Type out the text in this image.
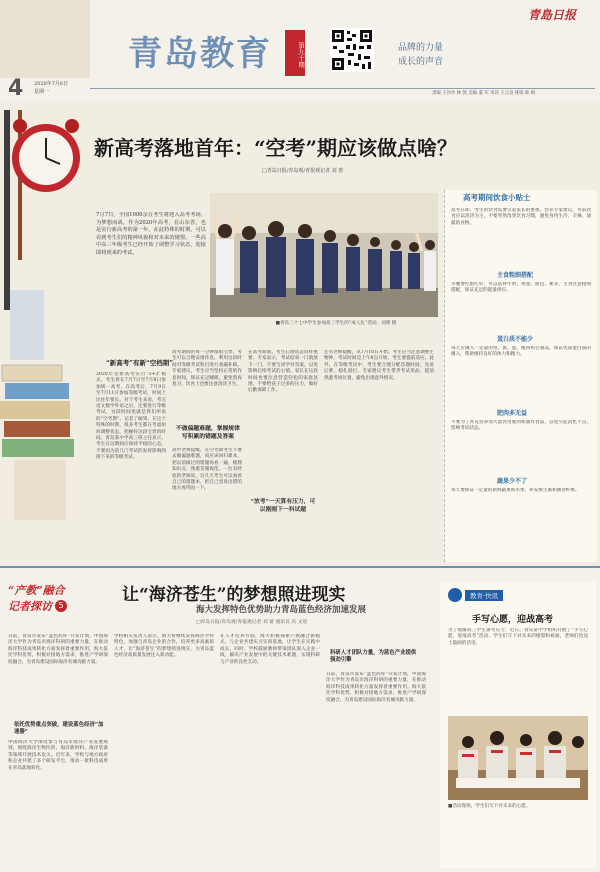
4 2020年7月6日
星期一
青岛教育	第九十期	品牌的力量
成长的声音
青島日报
责编 王沙沙 林 凯 美编 董 军 审读 王云良 排版 耿 梅
新高考落地首年：“空考”期应该做点啥？
□青岛日报/青岛观/青报观记者 刘 蕾
7月7日，全国1000余万考生将迎入高考考场，为梦想而战。作为2020年高考，在山东省，也是实行新高考的第一年，在此特殊的时期，可以看到考生们的精神风貌和对未来的憧憬。一些高中高三年级考生已经开始了调整学习状态，迎接即将到来的考试。
■青岛三十七中学生参加高三学生的“成人礼”活动。刘蕾 摄
“新高考”有新“空档期”
2020年是新高考实行“3+3”模式，考生将在7月7日至7月8日参加统一高考，在高考后，7月9日至7月11日参加等级考试，时间上比往年要长。对于考生来说，考完语文数学外语之后，还要进行等级考试，这段时间也就是我们所说的“空考期”。记者了解到，在这个特殊的时期，很多考生都在考虑如何调整状态，把握好这段宝贵的时间。青岛某中学高三班主任表示，考生在这期间应保持平稳的心态，不要因为前几门考试的发挥影响到接下来的等级考试。
高考期间的每一分钟都很宝贵，考生可以合理安排作息，利用这段时间对等级考试科目进行查漏补缺。专家建议，考生应当坚持正常的作息时间，保证充足睡眠，避免熬夜复习，饮食上也要注意清淡卫生。
不做偏题难题，掌握规律写积累的错题及答案
高中老师提醒，在空考期考生不要去做偏题难题，而应该回归课本，把以前做过的错题再看一遍，梳理知识点，熟悉答题规范。一位有经验的老师说，这几天考生可以看看自己的错题本，把自己容易出错的地方再巩固一下。
在高考期间，考生心理状态同样重要。专家表示，考试结束一门就放下一门，不要与同学对答案，以免影响后续考试的心情。家长在这段时间也要注意营造轻松的家庭氛围，不要给孩子过多的压力，做好后勤保障工作。
还有老师提醒，从7月10日开始，考生应当注意调整生物钟，考试时间是上午8点开始，考生要提前适应。此外，在等级考试中，考生要合理分配答题时间，先易后难，稳扎稳打。专家建议考生带齐考试用品，提前熟悉考场位置，避免出现意外情况。
“放考”一天算有压力，可以刚刚下一科试题
高考期间饮食小贴士
高考在即，考生的饮食需要引起家长的重视。营养专家建议，考前饮食应以清淡为主，不要突然改变饮食习惯，避免食用生冷、辛辣、油腻的食物。
主食粗细搭配
早餐要吃饱吃好，可以选择牛奶、鸡蛋、面包、粥等，主食注意粗细搭配，保证充足的能量供应。
蛋白质不能少
每天应摄入一定量的鱼、禽、蛋、瘦肉和豆制品，保证优质蛋白质的摄入，帮助维持良好的体力和精力。
肥肉多无益
不要为了补充营养而大量食用肥肉和油炸食品，以免引起消化不良，影响考试状态。
蔬果少不了
每天要保证一定量的新鲜蔬菜和水果，补充维生素和膳食纤维。
“产教”融合
记者探访 5
让“海济苍生”的梦想照进现实
海大发挥特色优势助力青岛蓝色经济加速发展
□青岛日报/青岛观/青报观记者 刘 蕾 通讯员 冯 文宸
日前，青岛市发布“蓝色药库”开发计划，中国海洋大学作为青岛市海洋科研的重要力量，在推动海洋科技成果转化方面发挥着重要作用。海大依托学科优势，积极对接地方需求，推进产学研深度融合，为青岛建设国际海洋名城贡献力量。
依托优势重点突破，建设蓝色经济“加速器”
中国海洋大学深度参与青岛市海洋产业发展规划，围绕海洋生物医药、海洋新材料、海洋装备等领域开展技术攻关。近年来，学校与地方政府和企业共建了多个研发平台，推动一批科技成果在青岛落地转化。
学校相关负责人表示，海大将继续发挥海洋学科特色，加强与青岛企业的合作，培养更多高素质人才，让“海济苍生”的梦想照进现实，为青岛蓝色经济高质量发展注入新动能。
在人才培养方面，海大积极探索产教融合新模式，与企业共建实习实训基地，让学生在实践中成长。同时，学校鼓励教师带领团队深入企业一线，解决产业发展中的关键技术难题，实现科研与产业的良性互动。
科研人才团队力量，为蓝色产业提供强劲引擎
日前，青岛市发布“蓝色药库”开发计划，中国海洋大学作为青岛市海洋科研的重要力量，在推动海洋科技成果转化方面发挥着重要作用。海大依托学科优势，积极对接地方需求，推进产学研深度融合，为青岛建设国际海洋名城贡献力量。
教育·快讯
手写心愿，迎战高考
为了缓解高三学生备考压力，近日，青岛某中学组织开展了“手写心愿，迎战高考”活动，学生们写下对未来的憧憬和祝福，老师们也送上鼓励的话语。
■活动现场，学生们写下对未来的心愿。
